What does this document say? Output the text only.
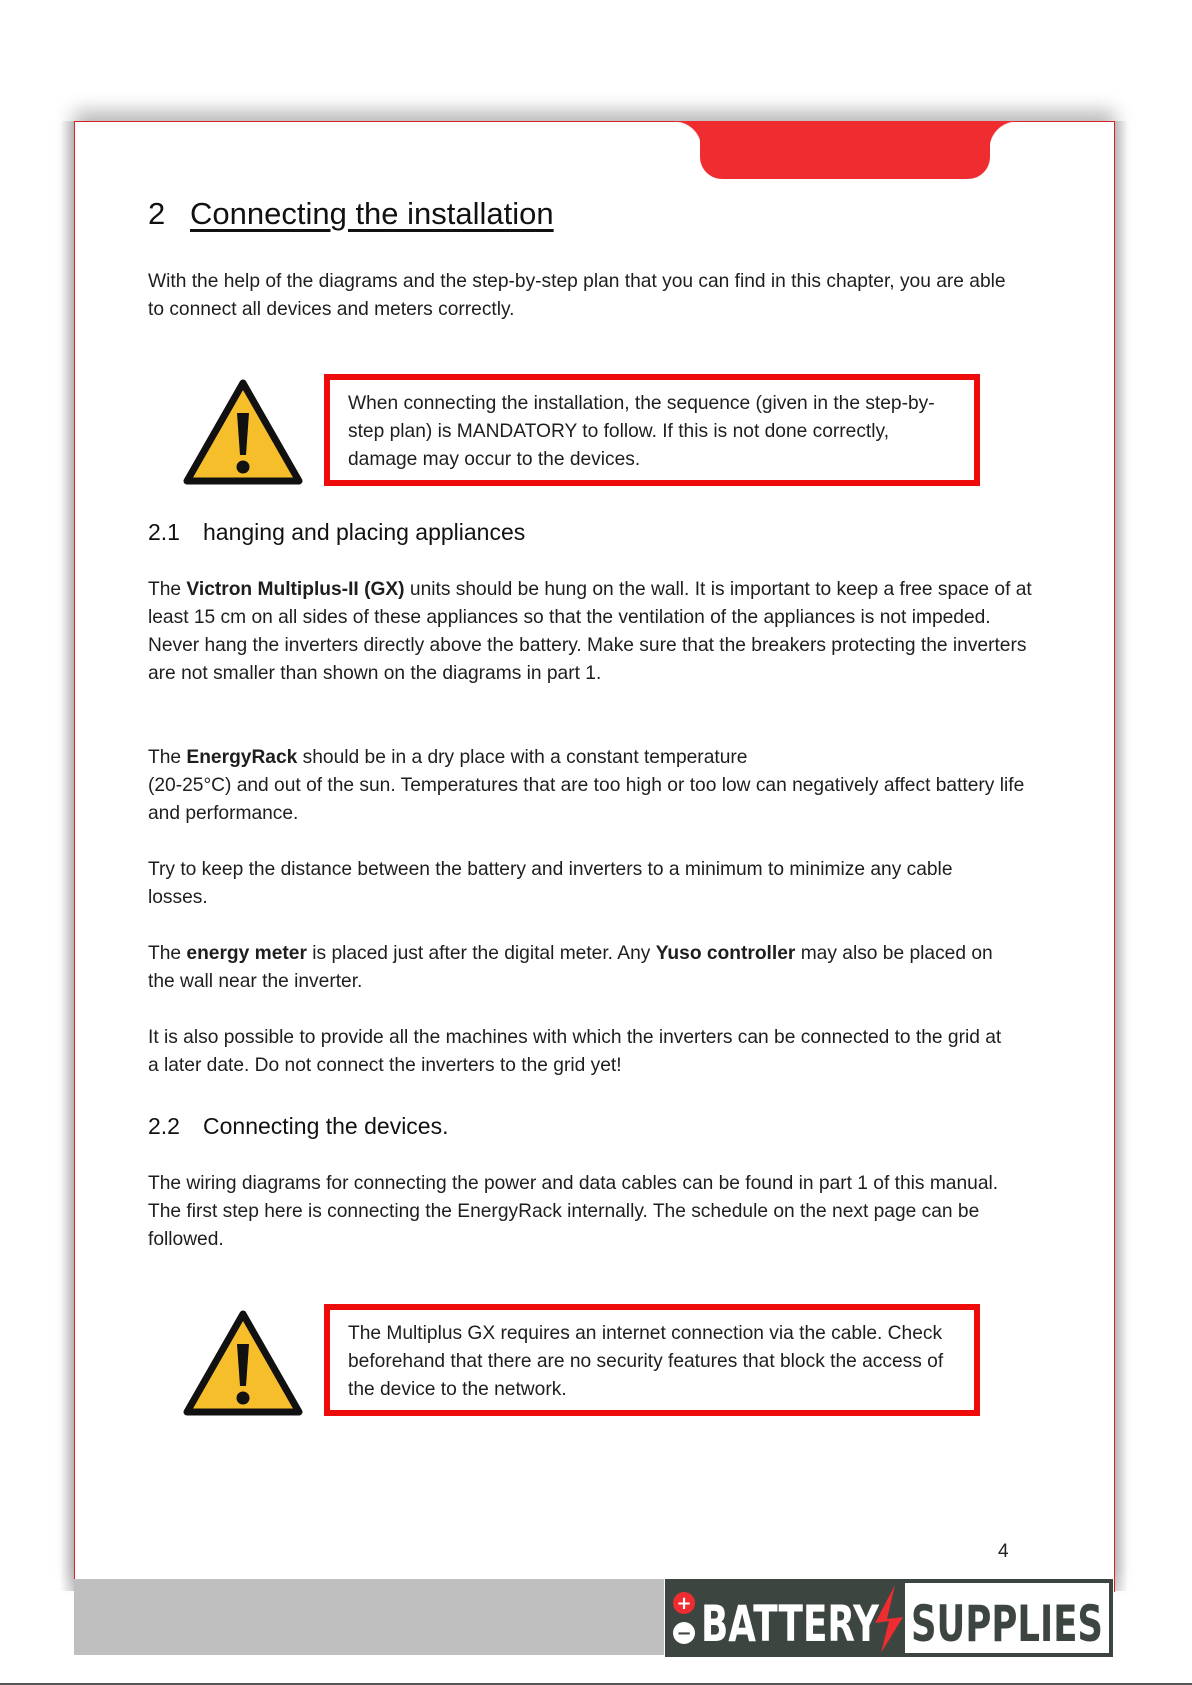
2 Connecting the installation

With the help of the diagrams and the step-by-step plan that you can find in this chapter, you are able to connect all devices and meters correctly.

When connecting the installation, the sequence (given in the step-by-step plan) is MANDATORY to follow. If this is not done correctly, damage may occur to the devices.
2.1 hanging and placing appliances

The Victron Multiplus-II (GX) units should be hung on the wall. It is important to keep a free space of at least 15 cm on all sides of these appliances so that the ventilation of the appliances is not impeded. Never hang the inverters directly above the battery. Make sure that the breakers protecting the inverters are not smaller than shown on the diagrams in part 1.

The EnergyRack should be in a dry place with a constant temperature
(20-25°C) and out of the sun. Temperatures that are too high or too low can negatively affect battery life and performance.

Try to keep the distance between the battery and inverters to a minimum to minimize any cable losses.

The energy meter is placed just after the digital meter. Any Yuso controller may also be placed on the wall near the inverter.

It is also possible to provide all the machines with which the inverters can be connected to the grid at a later date. Do not connect the inverters to the grid yet!

2.2 Connecting the devices.

The wiring diagrams for connecting the power and data cables can be found in part 1 of this manual. The first step here is connecting the EnergyRack internally. The schedule on the next page can be followed.

The Multiplus GX requires an internet connection via the cable. Check beforehand that there are no security features that block the access of the device to the network.
4
+
− BATTERY SUPPLIES
